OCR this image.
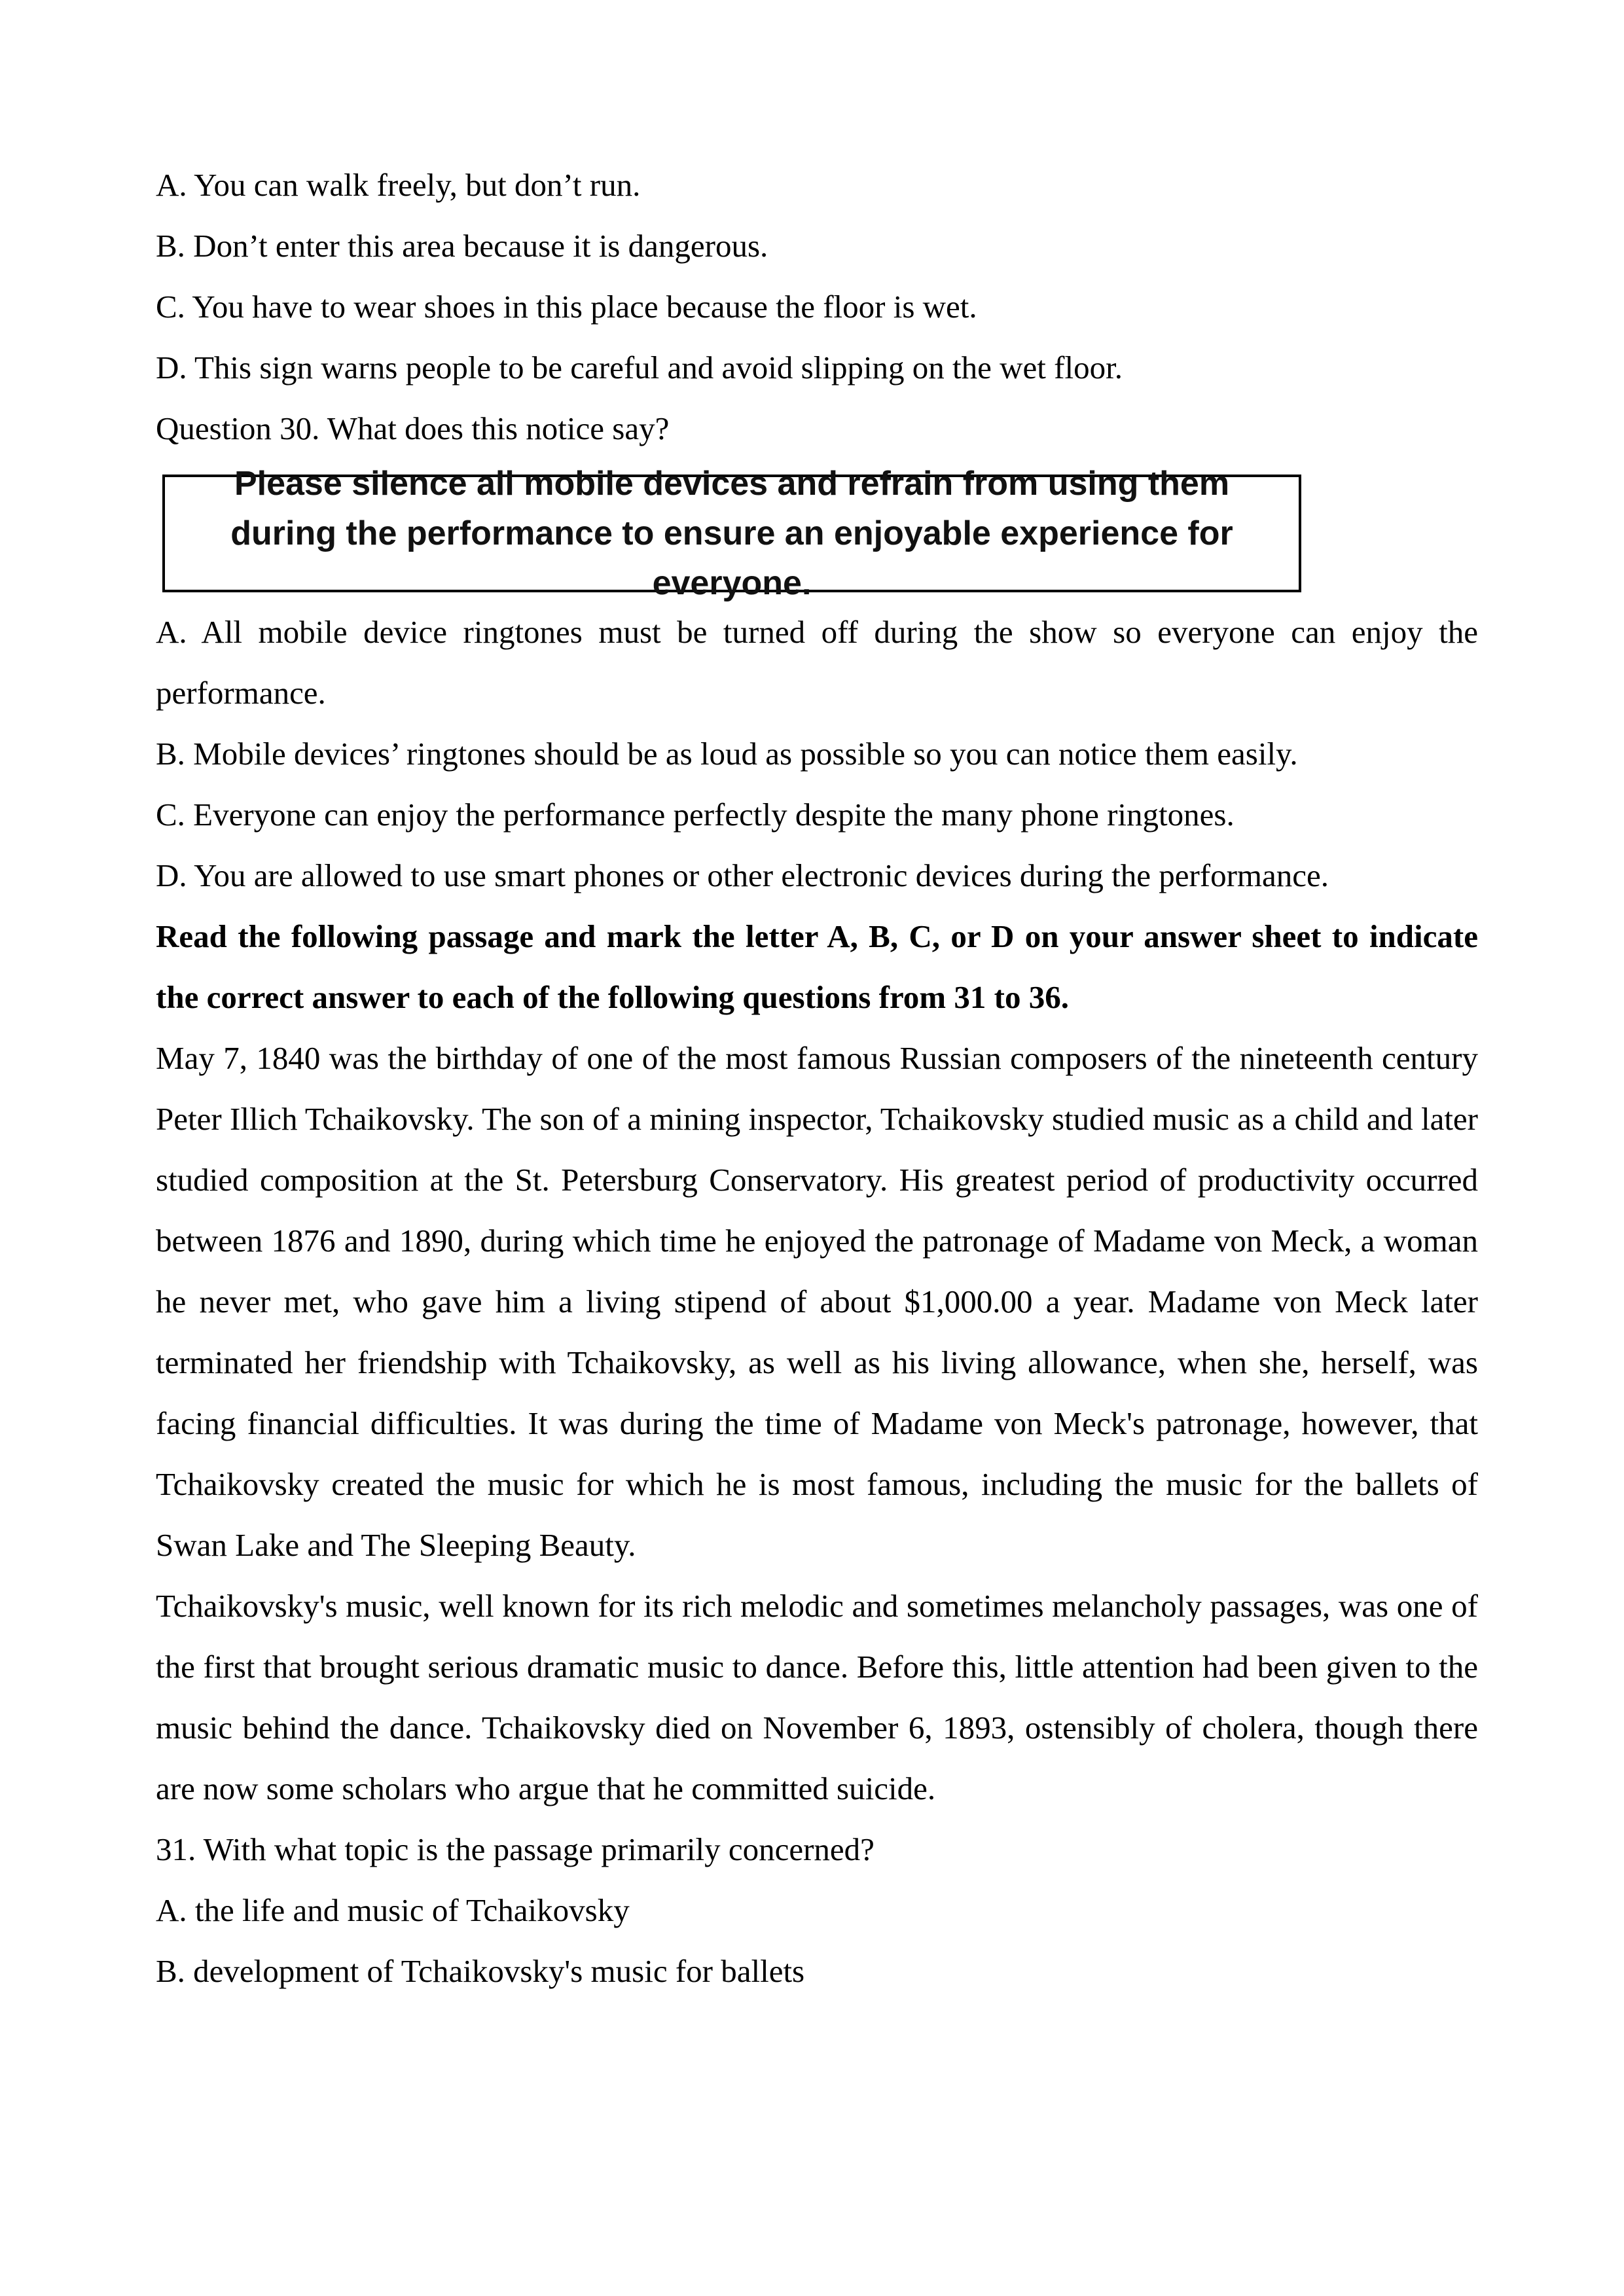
A. You can walk freely, but don’t run.
B. Don’t enter this area because it is dangerous.
C. You have to wear shoes in this place because the floor is wet.
D. This sign warns people to be careful and avoid slipping on the wet floor.
Question 30. What does this notice say?
Please silence all mobile devices and refrain from using them during the performance to ensure an enjoyable experience for everyone.
A. All mobile device ringtones must be turned off during the show so everyone can enjoy the performance.
B. Mobile devices’ ringtones should be as loud as possible so you can notice them easily.
C. Everyone can enjoy the performance perfectly despite the many phone ringtones.
D. You are allowed to use smart phones or other electronic devices during the performance.
Read the following passage and mark the letter A, B, C, or D on your answer sheet to indicate the correct answer to each of the following questions from 31 to 36.
May 7, 1840 was the birthday of one of the most famous Russian composers of the nineteenth century Peter Illich Tchaikovsky. The son of a mining inspector, Tchaikovsky studied music as a child and later studied composition at the St. Petersburg Conservatory. His greatest period of productivity occurred between 1876 and 1890, during which time he enjoyed the patronage of Madame von Meck, a woman he never met, who gave him a living stipend of about $1,000.00 a year. Madame von Meck later terminated her friendship with Tchaikovsky, as well as his living allowance, when she, herself, was facing financial difficulties. It was during the time of Madame von Meck's patronage, however, that Tchaikovsky created the music for which he is most famous, including the music for the ballets of Swan Lake and The Sleeping Beauty.
Tchaikovsky's music, well known for its rich melodic and sometimes melancholy passages, was one of the first that brought serious dramatic music to dance. Before this, little attention had been given to the music behind the dance. Tchaikovsky died on November 6, 1893, ostensibly of cholera, though there are now some scholars who argue that he committed suicide.
31. With what topic is the passage primarily concerned?
A. the life and music of Tchaikovsky
B. development of Tchaikovsky's music for ballets
